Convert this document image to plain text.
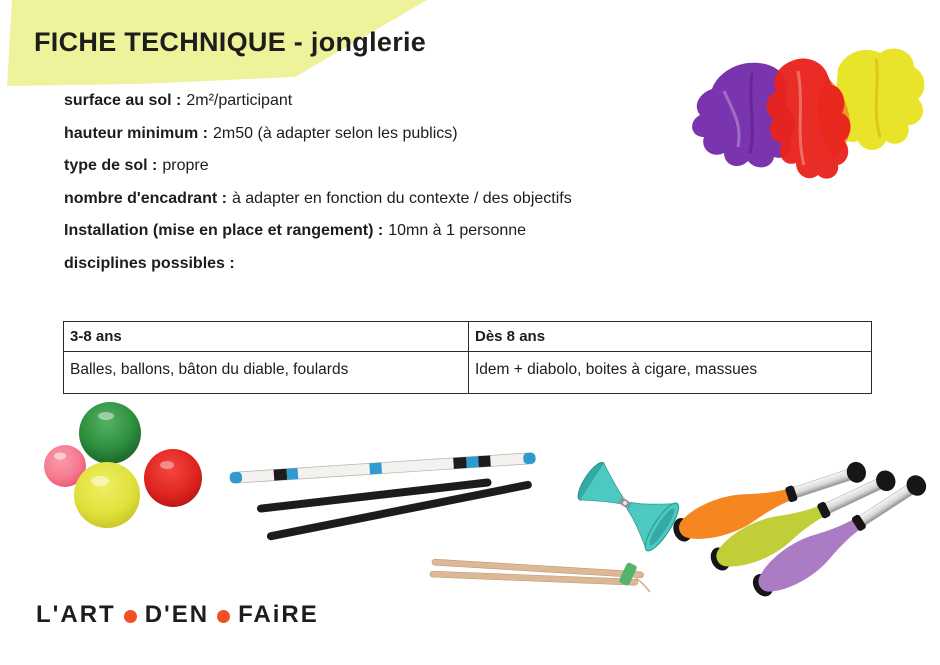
FICHE TECHNIQUE - jonglerie
surface au sol : 2m²/participant
hauteur minimum : 2m50 (à adapter selon les publics)
type de sol : propre
nombre d'encadrant : à adapter en fonction du contexte / des objectifs
Installation (mise en place et rangement) : 10mn à 1 personne
disciplines possibles :
3-8 ans	Dès 8 ans
Balles, ballons, bâton du diable, foulards	Idem + diabolo, boites à cigare, massues
L'ART D'EN FAiRE
